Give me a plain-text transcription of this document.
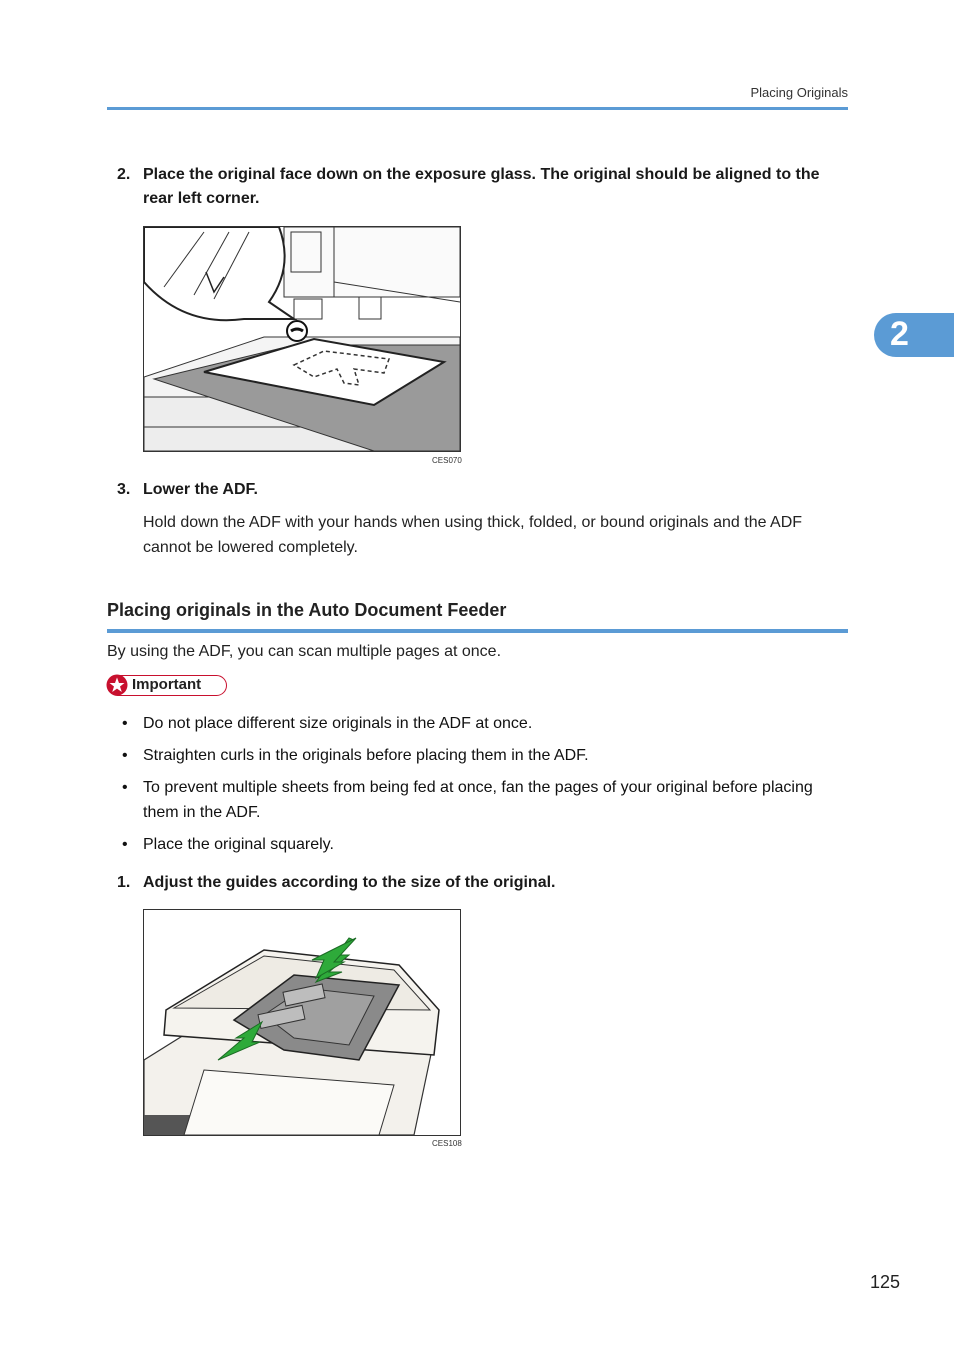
Placing Originals
2
2. Place the original face down on the exposure glass. The original should be aligned to the rear left corner.
CES070
3. Lower the ADF.
Hold down the ADF with your hands when using thick, folded, or bound originals and the ADF cannot be lowered completely.
Placing originals in the Auto Document Feeder
By using the ADF, you can scan multiple pages at once.
Important
• Do not place different size originals in the ADF at once.
• Straighten curls in the originals before placing them in the ADF.
• To prevent multiple sheets from being fed at once, fan the pages of your original before placing them in the ADF.
• Place the original squarely.
1. Adjust the guides according to the size of the original.
CES108
125
